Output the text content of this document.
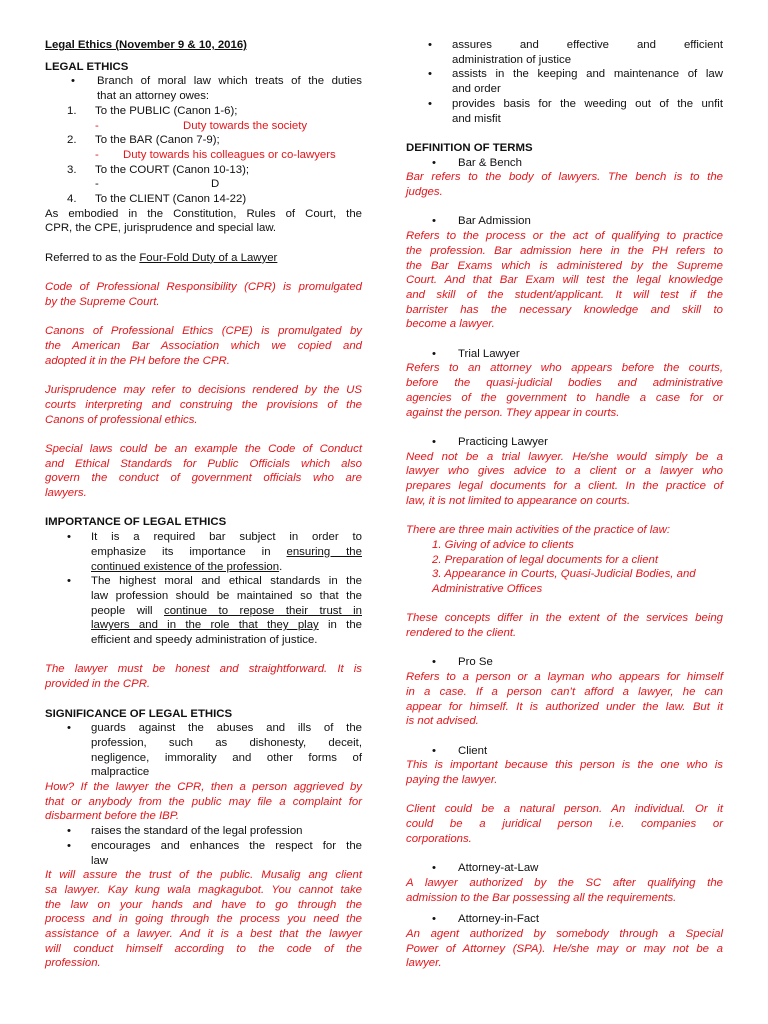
Legal Ethics (November 9 & 10, 2016)

LEGAL ETHICS

•	Branch of moral law which treats of the duties

that an attorney owes:

1.	To the PUBLIC (Canon 1-6);
-	Duty towards the society
2.	To the BAR (Canon 7-9);
-	Duty towards his colleagues or co-lawyers
3.	To the COURT (Canon 10-13);
-	D
4.	To the CLIENT (Canon 14-22)

As embodied in the Constitution, Rules of Court, the

CPR, the CPE, jurisprudence and special law.

Referred to as the Four-Fold Duty of a Lawyer

Code of Professional Responsibility (CPR) is promulgated

by the Supreme Court.

Canons of Professional Ethics (CPE) is promulgated by

the American Bar Association which we copied and

adopted it in the PH before the CPR.

Jurisprudence may refer to decisions rendered by the US

courts interpreting and construing the provisions of the

Canons of professional ethics.

Special laws could be an example the Code of Conduct

and Ethical Standards for Public Officials which also

govern the conduct of government officials who are

lawyers.

IMPORTANCE OF LEGAL ETHICS

•	It is a required bar subject in order to

emphasize its importance in ensuring the

continued existence of the profession.

•	The highest moral and ethical standards in the

law profession should be maintained so that the

people will continue to repose their trust in

lawyers and in the role that they play in the

efficient and speedy administration of justice.

The lawyer must be honest and straightforward. It is

provided in the CPR.

SIGNIFICANCE OF LEGAL ETHICS

•	guards against the abuses and ills of the

profession, such as dishonesty, deceit,

negligence, immorality and other forms of

malpractice

How? If the lawyer the CPR, then a person aggrieved by

that or anybody from the public may file a complaint for

disbarment before the IBP.

•	raises the standard of the legal profession

•	encourages and enhances the respect for the

law

It will assure the trust of the public. Musalig ang client

sa lawyer. Kay kung wala magkagubot. You cannot take

the law on your hands and have to go through the

process and in going through the process you need the

assistance of a lawyer. And it is a best that the lawyer

will conduct himself according to the code of the

profession.

•	assures and effective and efficient

administration of justice

•	assists in the keeping and maintenance of law

and order

•	provides basis for the weeding out of the unfit

and misfit

DEFINITION OF TERMS

•	Bar & Bench

Bar refers to the body of lawyers. The bench is to the

judges.

•	Bar Admission

Refers to the process or the act of qualifying to practice

the profession. Bar admission here in the PH refers to

the Bar Exams which is administered by the Supreme

Court. And that Bar Exam will test the legal knowledge

and skill of the student/applicant. It will test if the

barrister has the necessary knowledge and skill to

become a lawyer.

•	Trial Lawyer

Refers to an attorney who appears before the courts,

before the quasi-judicial bodies and administrative

agencies of the government to handle a case for or

against the person. They appear in courts.

•	Practicing Lawyer

Need not be a trial lawyer. He/she would simply be a

lawyer who gives advice to a client or a lawyer who

prepares legal documents for a client. In the practice of

law, it is not limited to appearance on courts.

There are three main activities of the practice of law:

1. Giving of advice to clients

2. Preparation of legal documents for a client

3. Appearance in Courts, Quasi-Judicial Bodies, and

Administrative Offices

These concepts differ in the extent of the services being

rendered to the client.

•	Pro Se

Refers to a person or a layman who appears for himself

in a case. If a person can’t afford a lawyer, he can

appear for himself. It is authorized under the law. But it

is not advised.

•	Client

This is important because this person is the one who is

paying the lawyer.

Client could be a natural person. An individual. Or it

could be a juridical person i.e. companies or

corporations.

•	Attorney-at-Law

A lawyer authorized by the SC after qualifying the

admission to the Bar possessing all the requirements.

•	Attorney-in-Fact

An agent authorized by somebody through a Special

Power of Attorney (SPA). He/she may or may not be a

lawyer.
